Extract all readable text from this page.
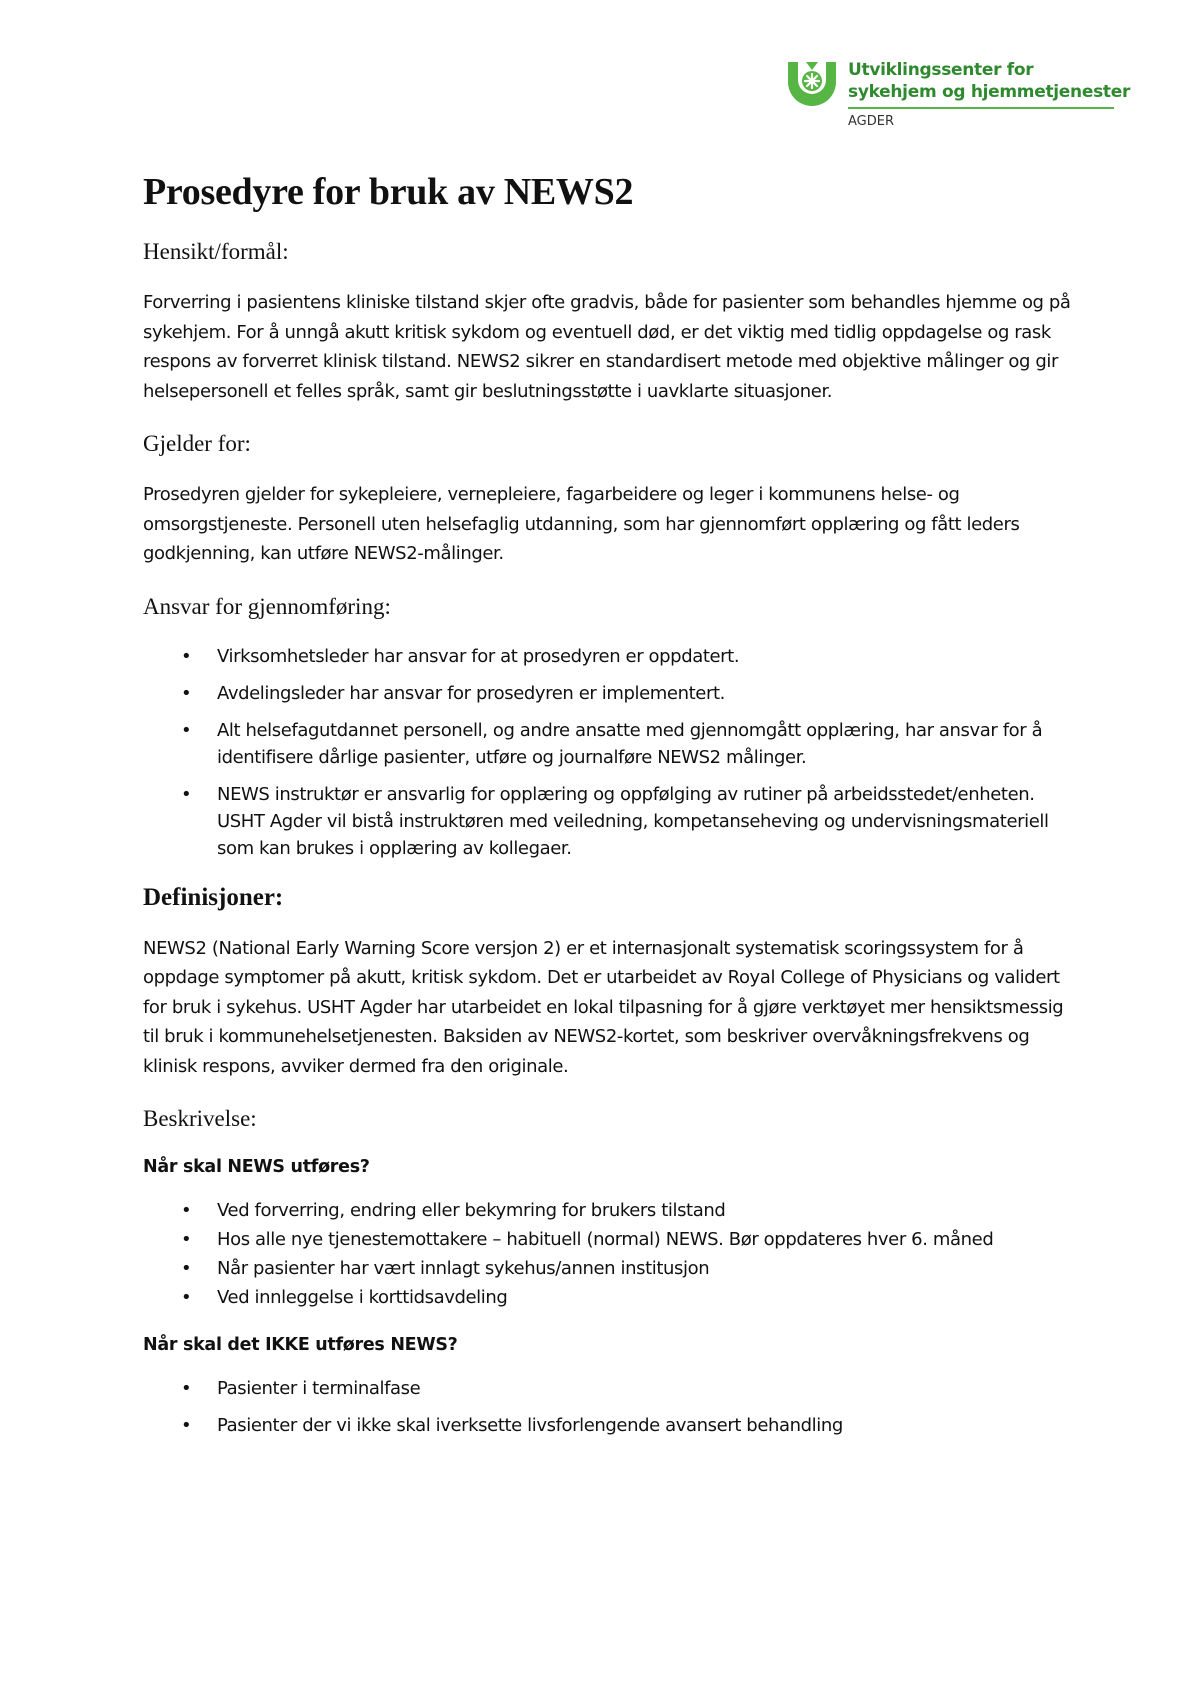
Utviklingssenter for
sykehjem og hjemmetjenester
AGDER
Prosedyre for bruk av NEWS2
Hensikt/formål:

Forverring i pasientens kliniske tilstand skjer ofte gradvis, både for pasienter som behandles hjemme og på sykehjem. For å unngå akutt kritisk sykdom og eventuell død, er det viktig med tidlig oppdagelse og rask respons av forverret klinisk tilstand. NEWS2 sikrer en standardisert metode med objektive målinger og gir helsepersonell et felles språk, samt gir beslutningsstøtte i uavklarte situasjoner.

Gjelder for:

Prosedyren gjelder for sykepleiere, vernepleiere, fagarbeidere og leger i kommunens helse- og omsorgstjeneste. Personell uten helsefaglig utdanning, som har gjennomført opplæring og fått leders godkjenning, kan utføre NEWS2-målinger.

Ansvar for gjennomføring:
• Virksomhetsleder har ansvar for at prosedyren er oppdatert.
• Avdelingsleder har ansvar for prosedyren er implementert.
• Alt helsefagutdannet personell, og andre ansatte med gjennomgått opplæring, har ansvar for å identifisere dårlige pasienter, utføre og journalføre NEWS2 målinger.
• NEWS instruktør er ansvarlig for opplæring og oppfølging av rutiner på arbeidsstedet/enheten. USHT Agder vil bistå instruktøren med veiledning, kompetanseheving og undervisningsmateriell som kan brukes i opplæring av kollegaer.
Definisjoner:

NEWS2 (National Early Warning Score versjon 2) er et internasjonalt systematisk scoringssystem for å oppdage symptomer på akutt, kritisk sykdom. Det er utarbeidet av Royal College of Physicians og validert for bruk i sykehus. USHT Agder har utarbeidet en lokal tilpasning for å gjøre verktøyet mer hensiktsmessig til bruk i kommunehelsetjenesten. Baksiden av NEWS2-kortet, som beskriver overvåkningsfrekvens og klinisk respons, avviker dermed fra den originale.

Beskrivelse:
Når skal NEWS utføres?
• Ved forverring, endring eller bekymring for brukers tilstand
• Hos alle nye tjenestemottakere – habituell (normal) NEWS. Bør oppdateres hver 6. måned
• Når pasienter har vært innlagt sykehus/annen institusjon
• Ved innleggelse i korttidsavdeling
Når skal det IKKE utføres NEWS?
• Pasienter i terminalfase
• Pasienter der vi ikke skal iverksette livsforlengende avansert behandling
